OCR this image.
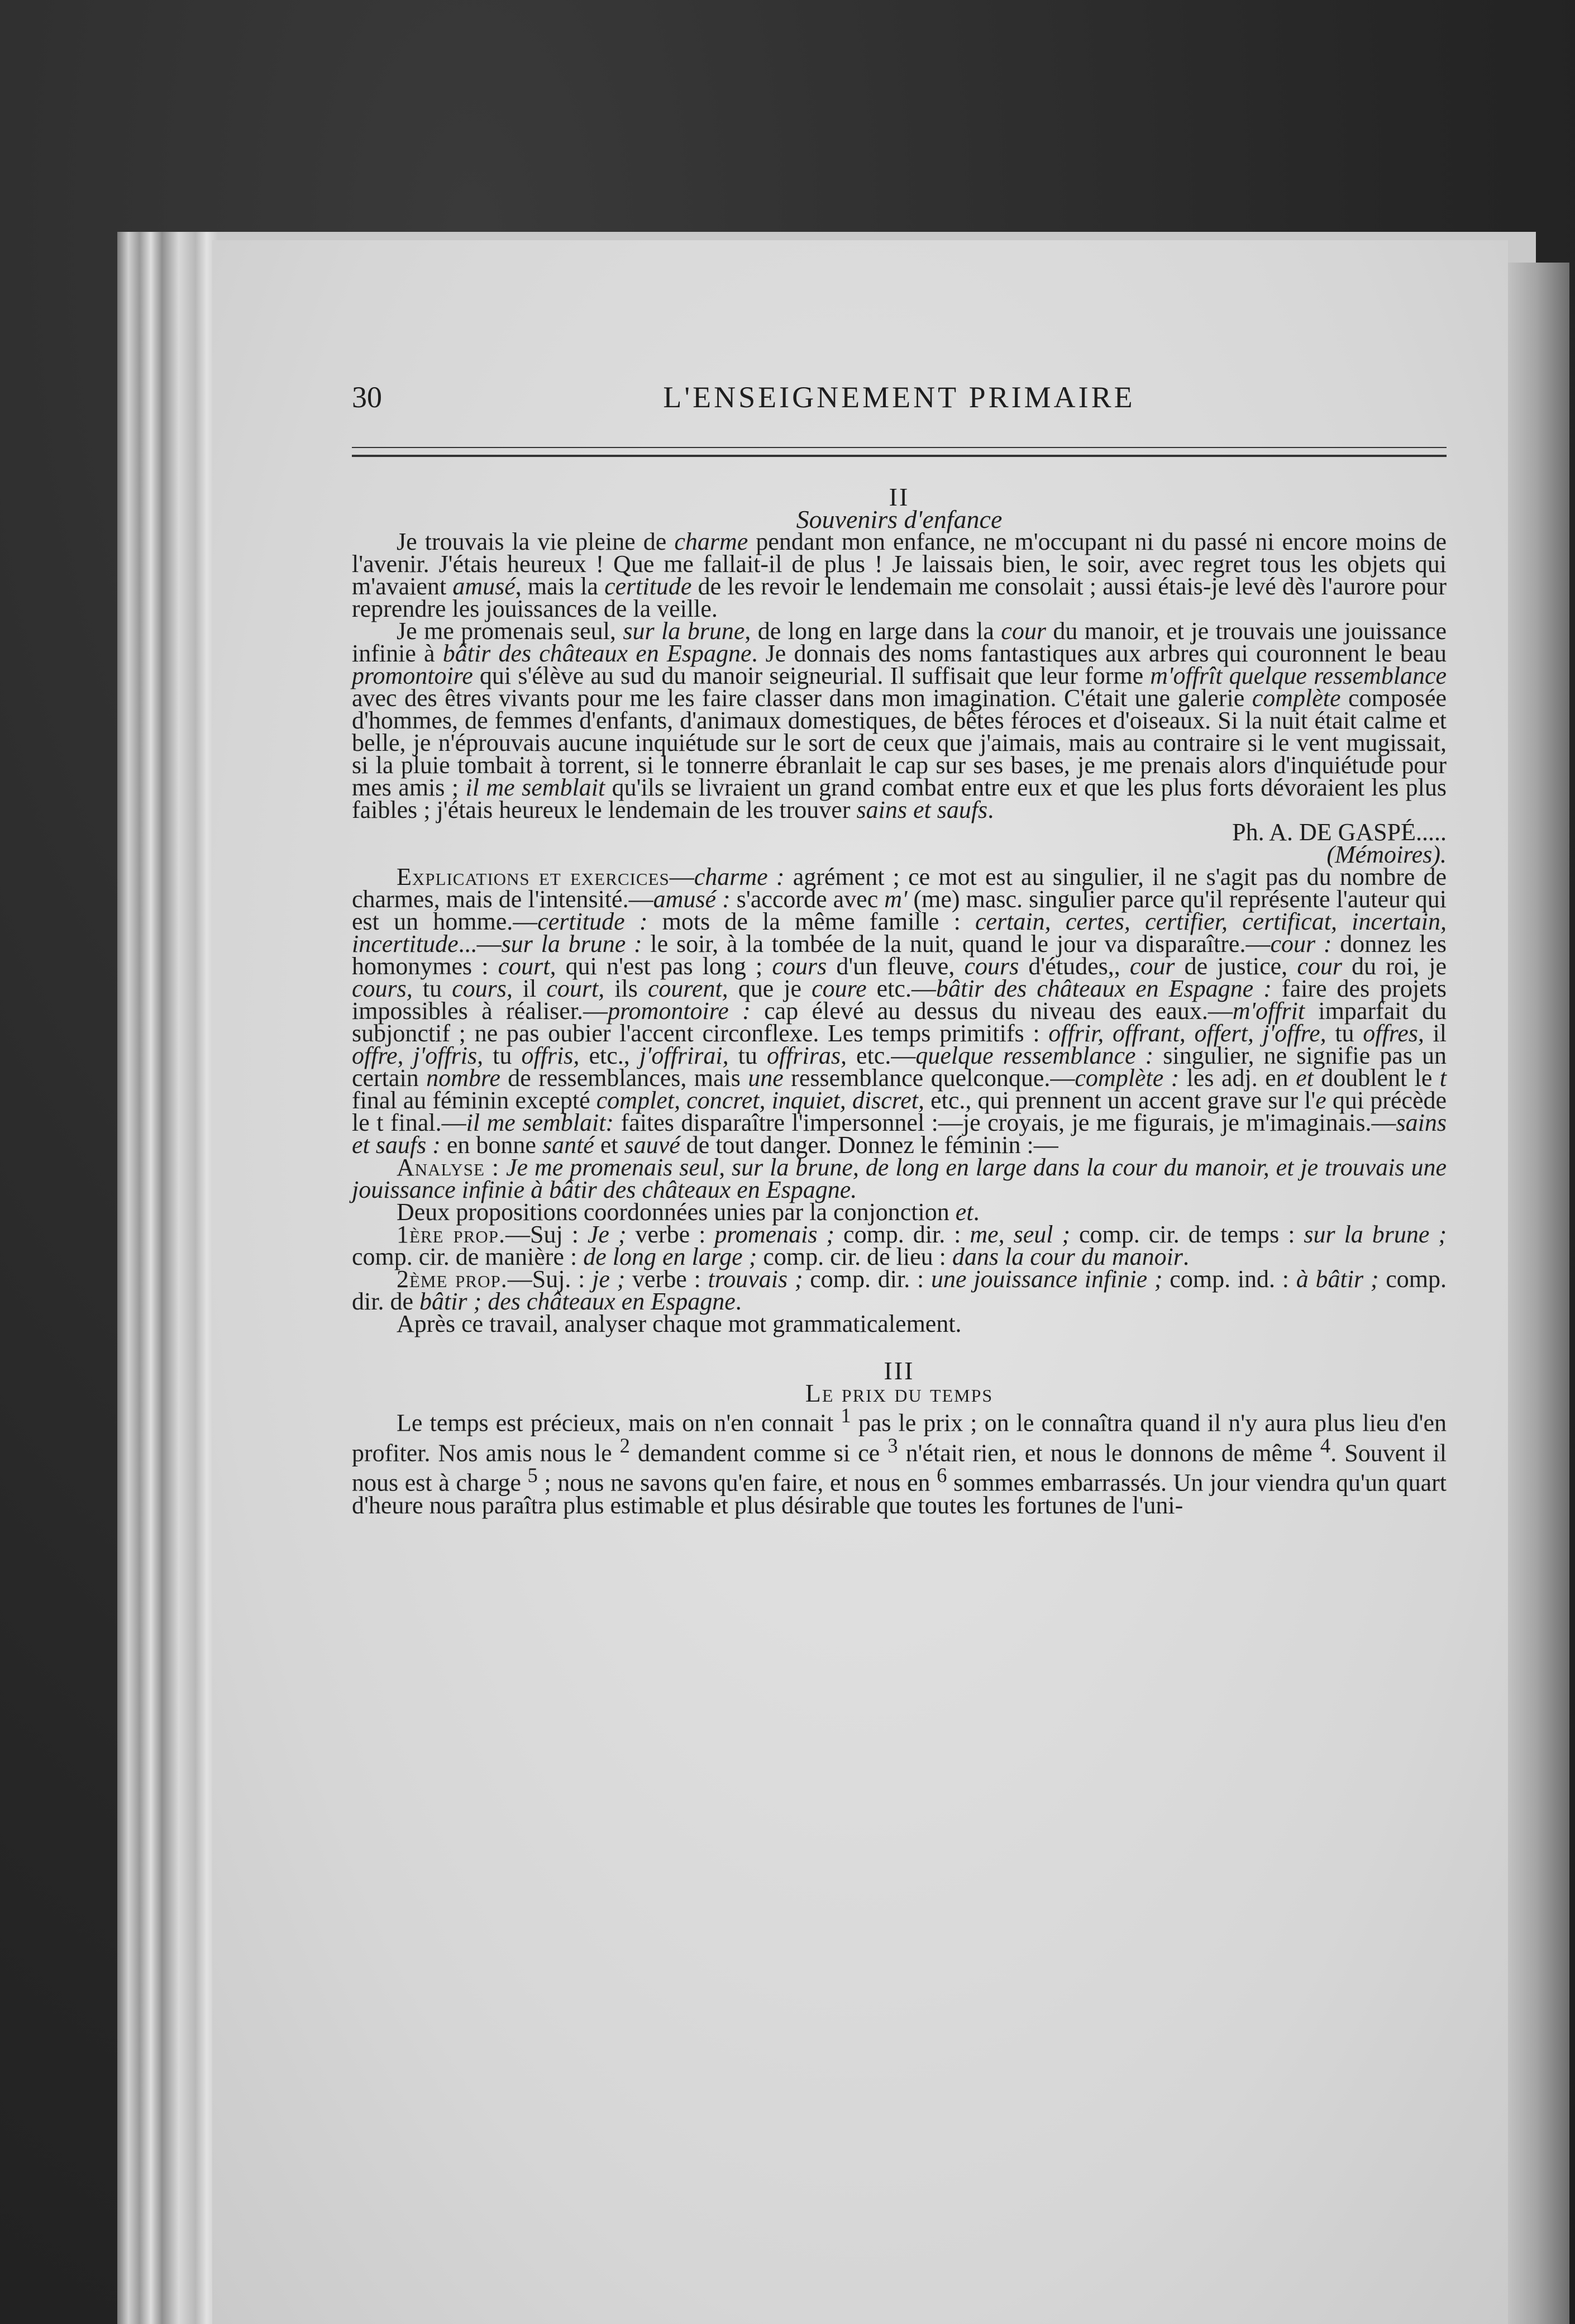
30	L'ENSEIGNEMENT PRIMAIRE

II

Souvenirs d'enfance

Je trouvais la vie pleine de charme pendant mon enfance, ne m'occupant ni du passé ni encore moins de l'avenir. J'étais heureux ! Que me fallait-il de plus ! Je laissais bien, le soir, avec regret tous les objets qui m'avaient amusé, mais la certitude de les revoir le lendemain me consolait ; aussi étais-je levé dès l'aurore pour reprendre les jouissances de la veille.

Je me promenais seul, sur la brune, de long en large dans la cour du manoir, et je trouvais une jouissance infinie à bâtir des châteaux en Espagne. Je donnais des noms fantastiques aux arbres qui couronnent le beau promontoire qui s'élève au sud du manoir seigneurial. Il suffisait que leur forme m'offrît quelque ressemblance avec des êtres vivants pour me les faire classer dans mon imagination. C'était une galerie complète composée d'hommes, de femmes d'enfants, d'animaux domestiques, de bêtes féroces et d'oiseaux. Si la nuit était calme et belle, je n'éprouvais aucune inquiétude sur le sort de ceux que j'aimais, mais au contraire si le vent mugissait, si la pluie tombait à torrent, si le tonnerre ébranlait le cap sur ses bases, je me prenais alors d'inquiétude pour mes amis ; il me semblait qu'ils se livraient un grand combat entre eux et que les plus forts dévoraient les plus faibles ; j'étais heureux le lendemain de les trouver sains et saufs.

Ph. A. DE GASPÉ.....

(Mémoires).

Explications et exercices—charme : agrément ; ce mot est au singulier, il ne s'agit pas du nombre de charmes, mais de l'intensité.—amusé : s'accorde avec m' (me) masc. singulier parce qu'il représente l'auteur qui est un homme.—certitude : mots de la même famille : certain, certes, certifier, certificat, incertain, incertitude...—sur la brune : le soir, à la tombée de la nuit, quand le jour va disparaître.—cour : donnez les homonymes : court, qui n'est pas long ; cours d'un fleuve, cours d'études,, cour de justice, cour du roi, je cours, tu cours, il court, ils courent, que je coure etc.—bâtir des châteaux en Espagne : faire des projets impossibles à réaliser.—promontoire : cap élevé au dessus du niveau des eaux.—m'offrit imparfait du subjonctif ; ne pas oubier l'accent circonflexe. Les temps primitifs : offrir, offrant, offert, j'offre, tu offres, il offre, j'offris, tu offris, etc., j'offrirai, tu offriras, etc.—quelque ressemblance : singulier, ne signifie pas un certain nombre de ressemblances, mais une ressemblance quelconque.—complète : les adj. en et doublent le t final au féminin excepté complet, concret, inquiet, discret, etc., qui prennent un accent grave sur l'e qui précède le t final.—il me semblait: faites disparaître l'impersonnel :—je croyais, je me figurais, je m'imaginais.—sains et saufs : en bonne santé et sauvé de tout danger. Donnez le féminin :—

Analyse : Je me promenais seul, sur la brune, de long en large dans la cour du manoir, et je trouvais une jouissance infinie à bâtir des châteaux en Espagne.

Deux propositions coordonnées unies par la conjonction et.

1ère prop.—Suj : Je ; verbe : promenais ; comp. dir. : me, seul ; comp. cir. de temps : sur la brune ; comp. cir. de manière : de long en large ; comp. cir. de lieu : dans la cour du manoir.

2ème prop.—Suj. : je ; verbe : trouvais ; comp. dir. : une jouissance infinie ; comp. ind. : à bâtir ; comp. dir. de bâtir ; des châteaux en Espagne.

Après ce travail, analyser chaque mot grammaticalement.

III

Le prix du temps

Le temps est précieux, mais on n'en connait $^1$ pas le prix ; on le connaîtra quand il n'y aura plus lieu d'en profiter. Nos amis nous le $^2$ demandent comme si ce $^3$ n'était rien, et nous le donnons de même $^4$. Souvent il nous est à charge $^5$ ; nous ne savons qu'en faire, et nous en $^6$ sommes embarrassés. Un jour viendra qu'un quart d'heure nous paraîtra plus estimable et plus désirable que toutes les fortunes de l'uni-
